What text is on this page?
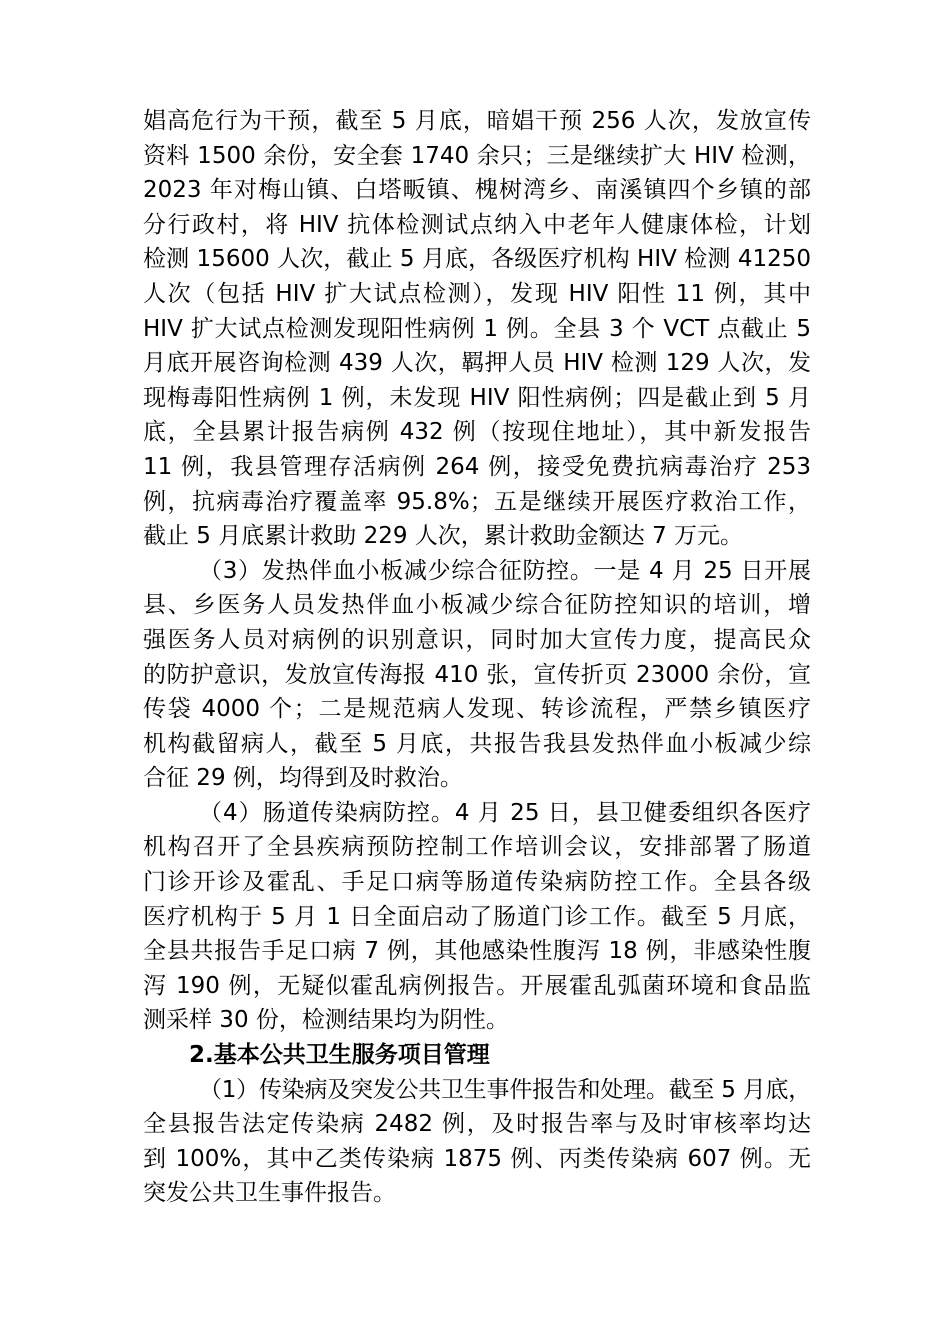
娼高危行为干预，截至 5 月底，暗娼干预 256 人次，发放宣传
资料 1500 余份，安全套 1740 余只；三是继续扩大 HIV 检测，
2023 年对梅山镇、白塔畈镇、槐树湾乡、南溪镇四个乡镇的部
分行政村，将 HIV 抗体检测试点纳入中老年人健康体检，计划
检测 15600 人次，截止 5 月底，各级医疗机构 HIV 检测 41250
人次（包括 HIV 扩大试点检测），发现 HIV 阳性 11 例，其中
HIV 扩大试点检测发现阳性病例 1 例。全县 3 个 VCT 点截止 5
月底开展咨询检测 439 人次，羁押人员 HIV 检测 129 人次，发
现梅毒阳性病例 1 例，未发现 HIV 阳性病例；四是截止到 5 月
底，全县累计报告病例 432 例（按现住地址），其中新发报告
11 例，我县管理存活病例 264 例，接受免费抗病毒治疗 253
例，抗病毒治疗覆盖率 95.8%；五是继续开展医疗救治工作，
截止 5 月底累计救助 229 人次，累计救助金额达 7 万元。
（3）发热伴血小板减少综合征防控。一是 4 月 25 日开展
县、乡医务人员发热伴血小板减少综合征防控知识的培训，增
强医务人员对病例的识别意识，同时加大宣传力度，提高民众
的防护意识，发放宣传海报 410 张，宣传折页 23000 余份，宣
传袋 4000 个；二是规范病人发现、转诊流程，严禁乡镇医疗
机构截留病人，截至 5 月底，共报告我县发热伴血小板减少综
合征 29 例，均得到及时救治。
（4）肠道传染病防控。4 月 25 日，县卫健委组织各医疗
机构召开了全县疾病预防控制工作培训会议，安排部署了肠道
门诊开诊及霍乱、手足口病等肠道传染病防控工作。全县各级
医疗机构于 5 月 1 日全面启动了肠道门诊工作。截至 5 月底，
全县共报告手足口病 7 例，其他感染性腹泻 18 例，非感染性腹
泻 190 例，无疑似霍乱病例报告。开展霍乱弧菌环境和食品监
测采样 30 份，检测结果均为阴性。
2.基本公共卫生服务项目管理
（1）传染病及突发公共卫生事件报告和处理。截至 5 月底，
全县报告法定传染病 2482 例，及时报告率与及时审核率均达
到 100%，其中乙类传染病 1875 例、丙类传染病 607 例。无
突发公共卫生事件报告。
